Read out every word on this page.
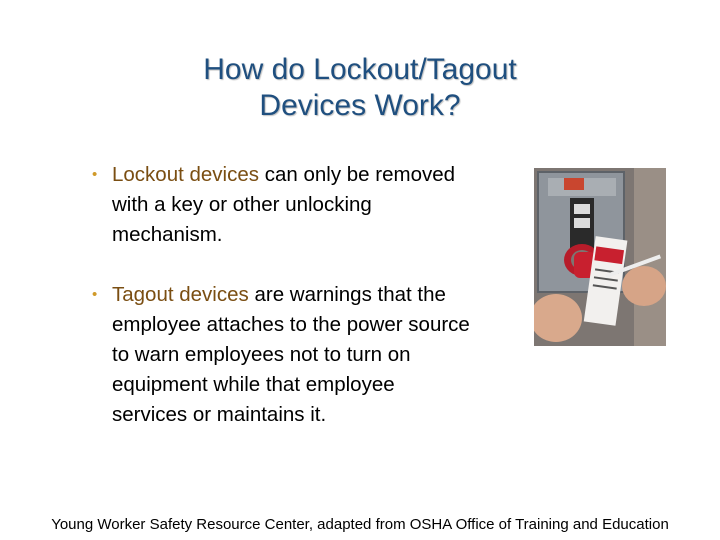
How do Lockout/Tagout
Devices Work?
• Lockout devices can only be removed
with a key or other unlocking
mechanism.
• Tagout devices are warnings that the
employee attaches to the power source
to warn employees not to turn on
equipment while that employee
services or maintains it.
Young Worker Safety Resource Center, adapted from OSHA Office of Training and Education
